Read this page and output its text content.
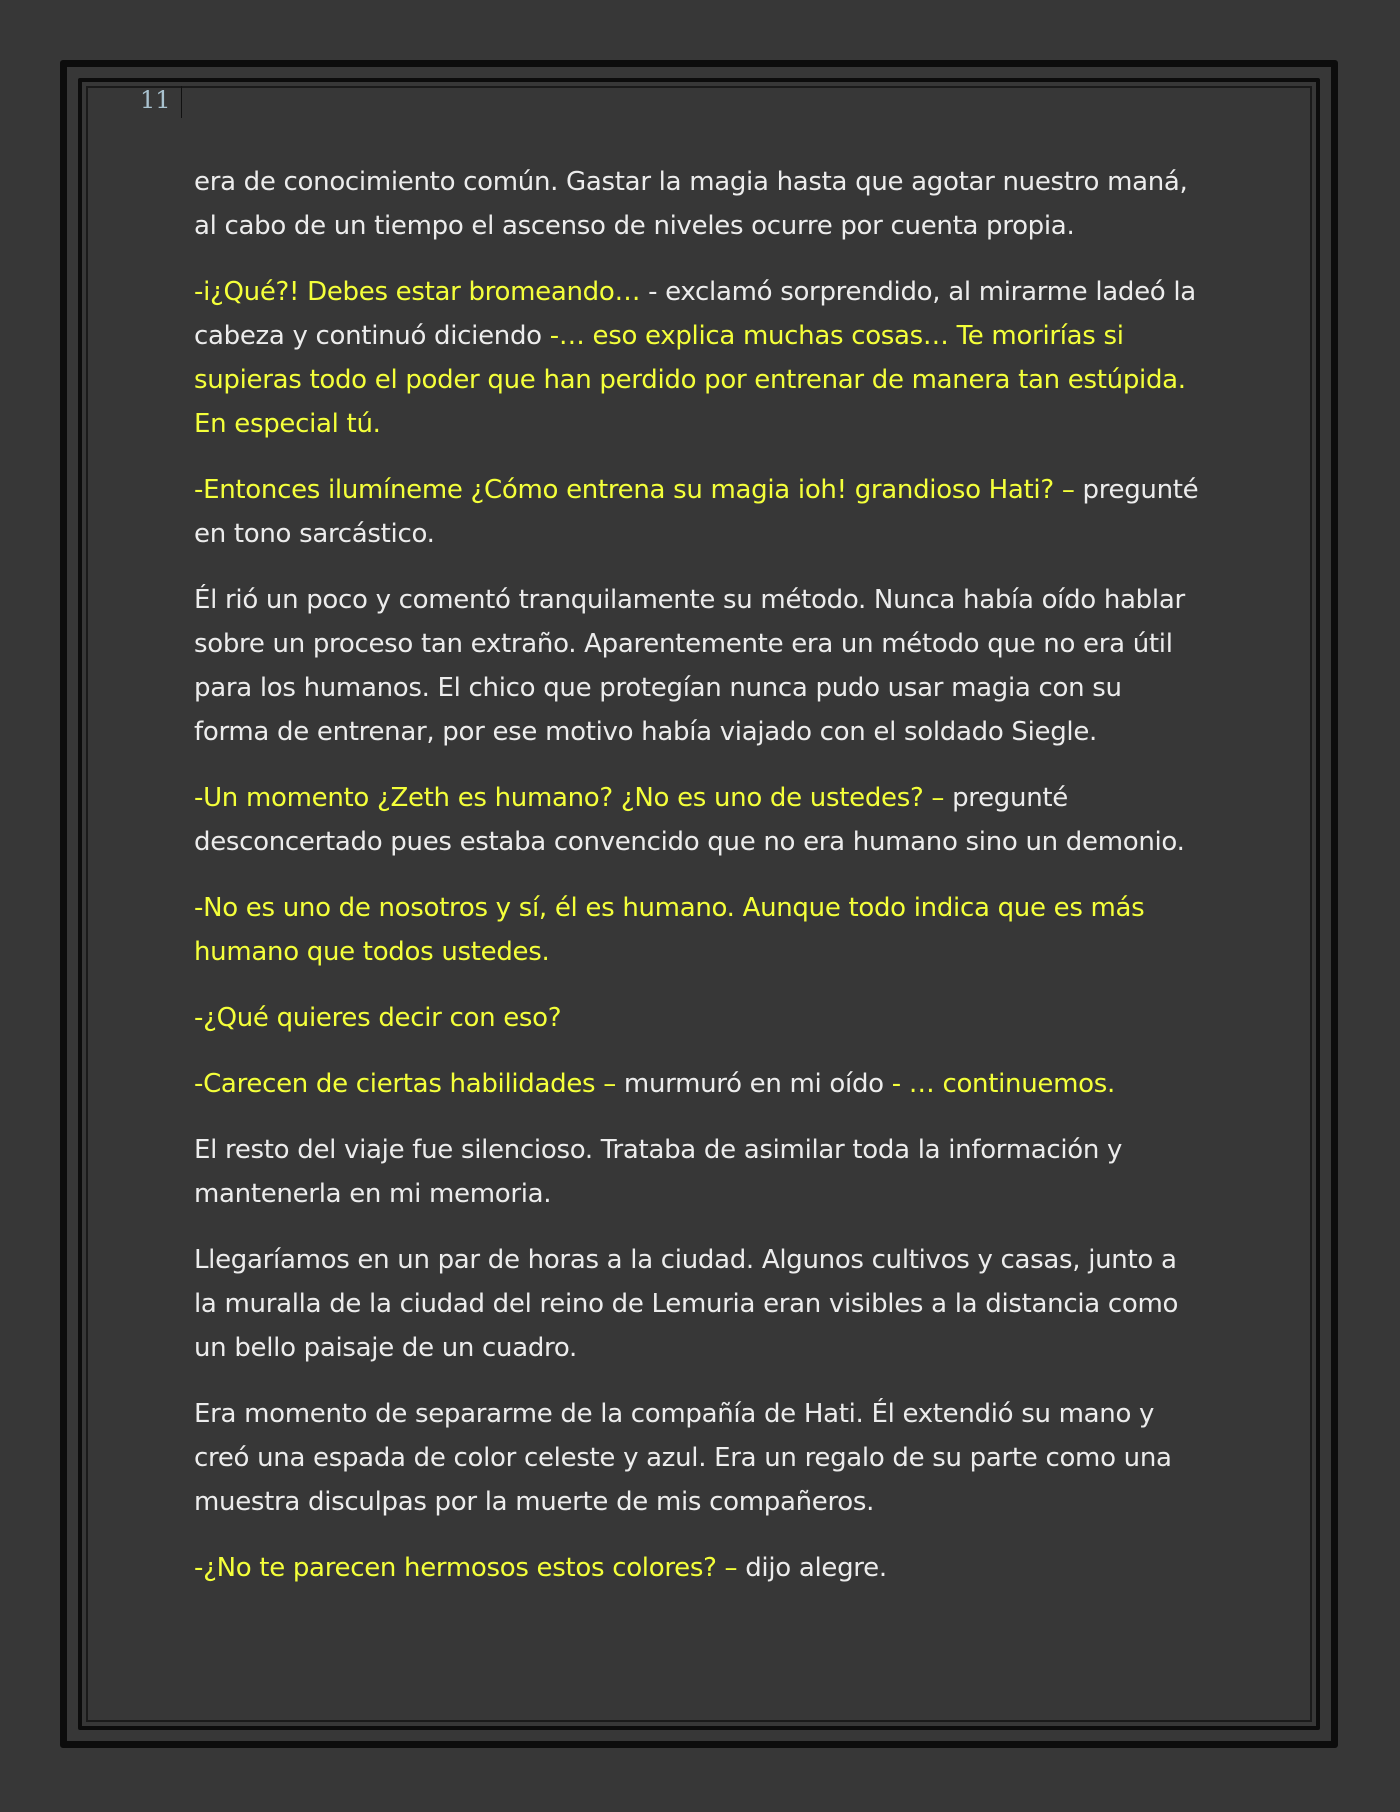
11

era de conocimiento común. Gastar la magia hasta que agotar nuestro maná, al cabo de un tiempo el ascenso de niveles ocurre por cuenta propia.

-i¿Qué?! Debes estar bromeando… - exclamó sorprendido, al mirarme ladeó la cabeza y continuó diciendo -… eso explica muchas cosas… Te morirías si supieras todo el poder que han perdido por entrenar de manera tan estúpida. En especial tú.

-Entonces ilumíneme ¿Cómo entrena su magia ioh! grandioso Hati? – pregunté en tono sarcástico.

Él rió un poco y comentó tranquilamente su método. Nunca había oído hablar sobre un proceso tan extraño. Aparentemente era un método que no era útil para los humanos. El chico que protegían nunca pudo usar magia con su forma de entrenar, por ese motivo había viajado con el soldado Siegle.

-Un momento ¿Zeth es humano? ¿No es uno de ustedes? – pregunté desconcertado pues estaba convencido que no era humano sino un demonio.

-No es uno de nosotros y sí, él es humano. Aunque todo indica que es más humano que todos ustedes.

-¿Qué quieres decir con eso?

-Carecen de ciertas habilidades – murmuró en mi oído - … continuemos.

El resto del viaje fue silencioso. Trataba de asimilar toda la información y mantenerla en mi memoria.

Llegaríamos en un par de horas a la ciudad. Algunos cultivos y casas, junto a la muralla de la ciudad del reino de Lemuria eran visibles a la distancia como un bello paisaje de un cuadro.

Era momento de separarme de la compañía de Hati. Él extendió su mano y creó una espada de color celeste y azul. Era un regalo de su parte como una muestra disculpas por la muerte de mis compañeros.

-¿No te parecen hermosos estos colores? – dijo alegre.
